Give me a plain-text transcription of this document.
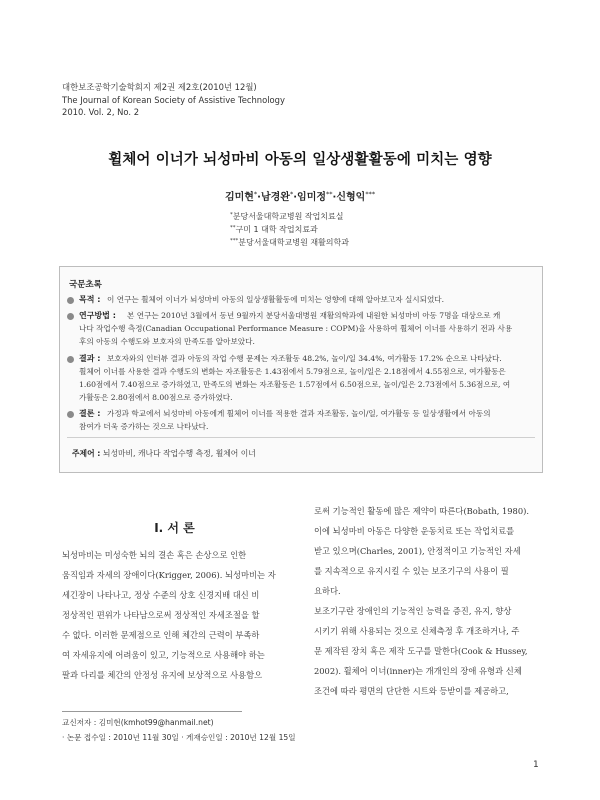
대한보조공학기술학회지 제2권 제2호(2010년 12월)
The Journal of Korean Society of Assistive Technology
2010. Vol. 2, No. 2
휠체어 이너가 뇌성마비 아동의 일상생활활동에 미치는 영향
김미현*·남경완*·임미정**·신형익***
*분당서울대학교병원 작업치료실
**구미 1 대학 작업치료과
***분당서울대학교병원 재활의학과
국문초록
목적 : 이 연구는 휠체어 이너가 뇌성마비 아동의 일상생활활동에 미치는 영향에 대해 알아보고자 실시되었다.
연구방법 : 본 연구는 2010년 3월에서 동년 9월까지 분당서울대병원 재활의학과에 내원한 뇌성마비 아동 7명을 대상으로 캐
나다 작업수행 측정(Canadian Occupational Performance Measure : COPM)을 사용하여 휠체어 이너를 사용하기 전과 사용
후의 아동의 수행도와 보호자의 만족도를 알아보았다.
결과 : 보호자와의 인터뷰 결과 아동의 작업 수행 문제는 자조활동 48.2%, 놀이/일 34.4%, 여가활동 17.2% 순으로 나타났다.
휠체어 이너를 사용한 결과 수행도의 변화는 자조활동은 1.43점에서 5.79점으로, 놀이/일은 2.18점에서 4.55점으로, 여가활동은
1.60점에서 7.40점으로 증가하였고, 만족도의 변화는 자조활동은 1.57점에서 6.50점으로, 놀이/일은 2.73점에서 5.36점으로, 여
가활동은 2.80점에서 8.00점으로 증가하였다.
결론 : 가정과 학교에서 뇌성마비 아동에게 휠체어 이너를 적용한 결과 자조활동, 놀이/일, 여가활동 등 일상생활에서 아동의
참여가 더욱 증가하는 것으로 나타났다.
주제어 : 뇌성마비, 캐나다 작업수행 측정, 휠체어 이너
I. 서 론
뇌성마비는 미성숙한 뇌의 결손 혹은 손상으로 인한
움직임과 자세의 장애이다(Krigger, 2006). 뇌성마비는 자
세긴장이 나타나고, 정상 수준의 상호 신경지배 대신 비
정상적인 편위가 나타남으로써 정상적인 자세조절을 할
수 없다. 이러한 문제점으로 인해 체간의 근력이 부족하
여 자세유지에 어려움이 있고, 기능적으로 사용해야 하는
팔과 다리를 체간의 안정성 유지에 보상적으로 사용함으
로써 기능적인 활동에 많은 제약이 따른다(Bobath, 1980).
이에 뇌성마비 아동은 다양한 운동치료 또는 작업치료를
받고 있으며(Charles, 2001), 안정적이고 기능적인 자세
를 지속적으로 유지시킬 수 있는 보조기구의 사용이 필
요하다.
보조기구란 장애인의 기능적인 능력을 증진, 유지, 향상
시키기 위해 사용되는 것으로 신체측정 후 개조하거나, 주
문 제작된 장치 혹은 제작 도구를 말한다(Cook & Hussey,
2002). 휠체어 이너(inner)는 개개인의 장애 유형과 신체
조건에 따라 평면의 단단한 시트와 등받이를 제공하고,
교신저자 : 김미현(kmhot99@hanmail.net)
· 논문 접수일 : 2010년 11월 30일 · 게재승인일 : 2010년 12월 15일
1
